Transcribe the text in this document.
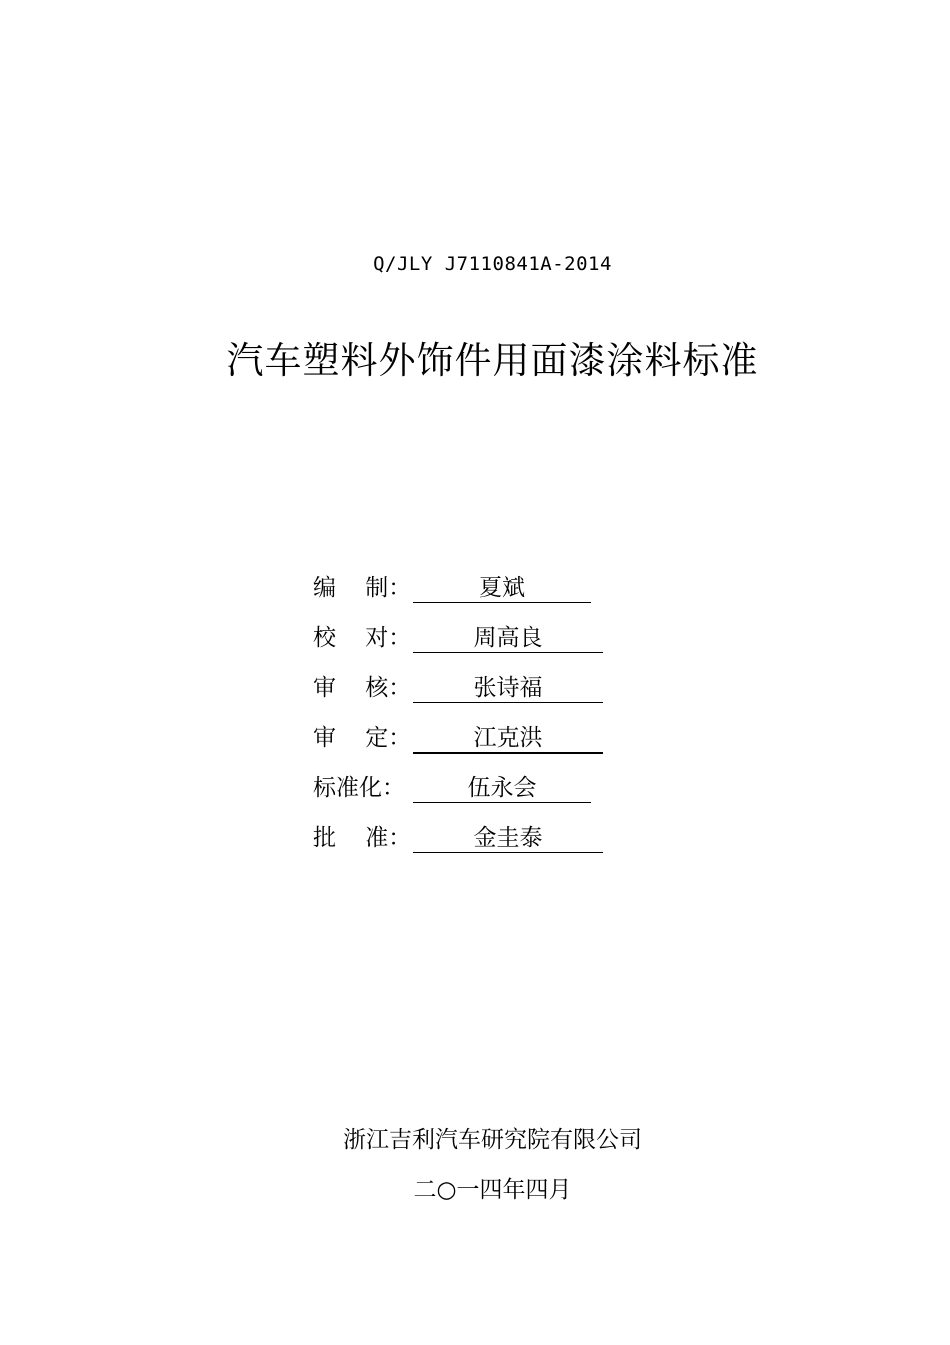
Q/JLY J7110841A-2014

汽车塑料外饰件用面漆涂料标准
编    制：	夏斌
校    对：	周高良
审    核：	张诗福
审    定：	江克洪
标准化：	伍永会
批    准：	金圭泰

浙江吉利汽车研究院有限公司

二○一四年四月
